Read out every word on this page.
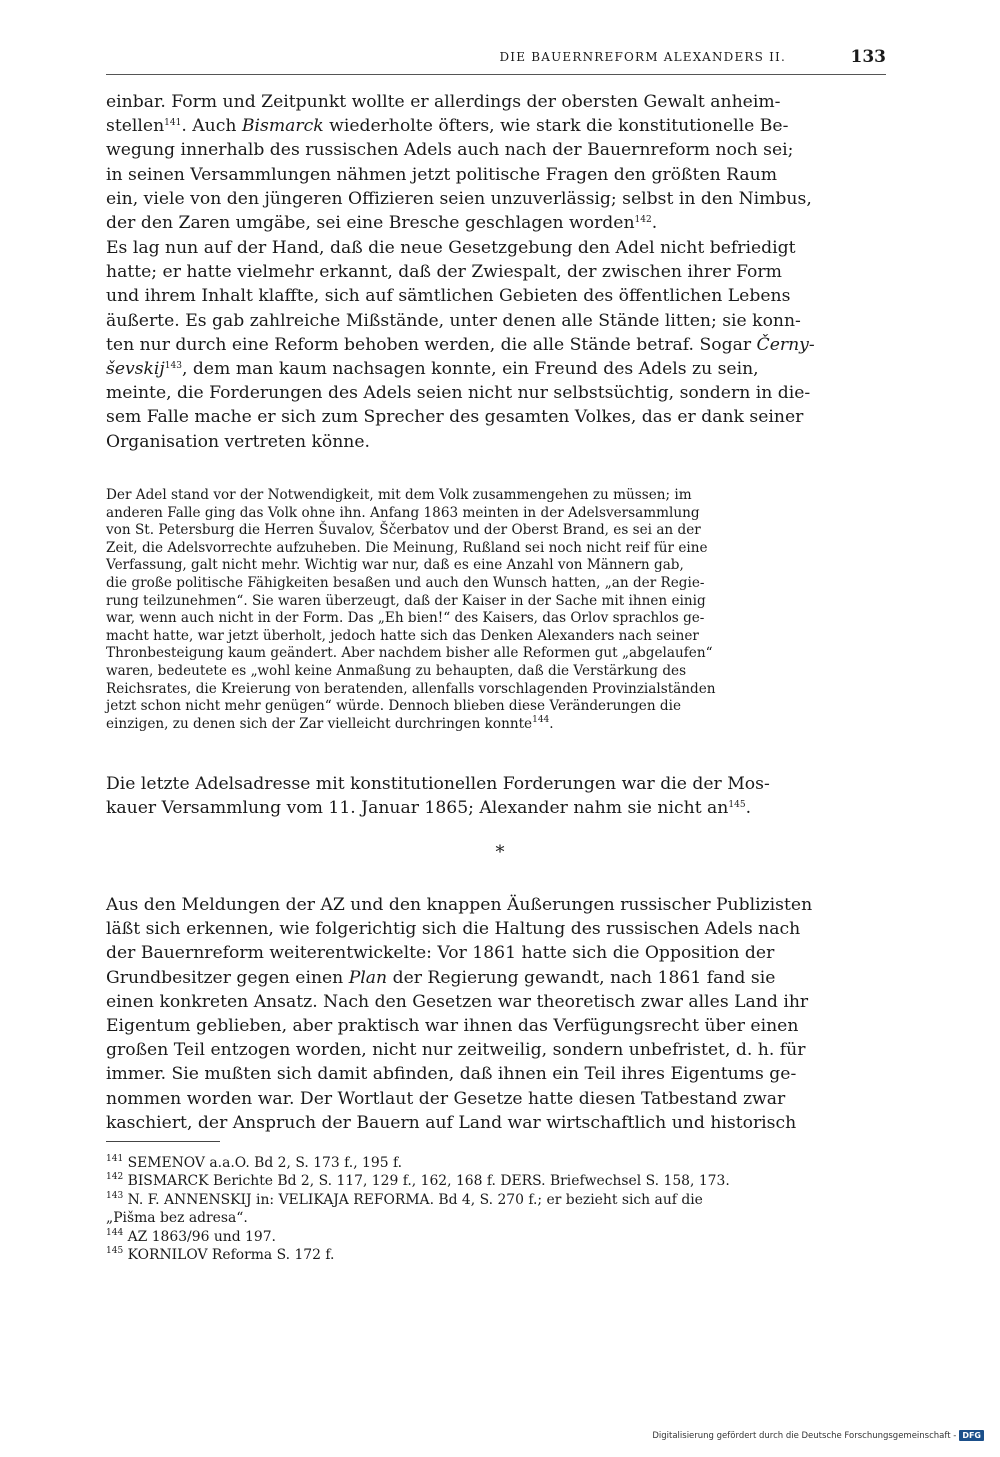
DIE BAUERNREFORM ALEXANDERS II.	133
einbar. Form und Zeitpunkt wollte er allerdings der obersten Gewalt anheim-
stellen$^{141}$. Auch Bismarck wiederholte öfters, wie stark die konstitutionelle Be-
wegung innerhalb des russischen Adels auch nach der Bauernreform noch sei;
in seinen Versammlungen nähmen jetzt politische Fragen den größten Raum
ein, viele von den jüngeren Offizieren seien unzuverlässig; selbst in den Nimbus,
der den Zaren umgäbe, sei eine Bresche geschlagen worden$^{142}$.
Es lag nun auf der Hand, daß die neue Gesetzgebung den Adel nicht befriedigt
hatte; er hatte vielmehr erkannt, daß der Zwiespalt, der zwischen ihrer Form
und ihrem Inhalt klaffte, sich auf sämtlichen Gebieten des öffentlichen Lebens
äußerte. Es gab zahlreiche Mißstände, unter denen alle Stände litten; sie konn-
ten nur durch eine Reform behoben werden, die alle Stände betraf. Sogar Černy-
ševskij$^{143}$, dem man kaum nachsagen konnte, ein Freund des Adels zu sein,
meinte, die Forderungen des Adels seien nicht nur selbstsüchtig, sondern in die-
sem Falle mache er sich zum Sprecher des gesamten Volkes, das er dank seiner
Organisation vertreten könne.
Der Adel stand vor der Notwendigkeit, mit dem Volk zusammengehen zu müssen; im
anderen Falle ging das Volk ohne ihn. Anfang 1863 meinten in der Adelsversammlung
von St. Petersburg die Herren Šuvalov, Ščerbatov und der Oberst Brand, es sei an der
Zeit, die Adelsvorrechte aufzuheben. Die Meinung, Rußland sei noch nicht reif für eine
Verfassung, galt nicht mehr. Wichtig war nur, daß es eine Anzahl von Männern gab,
die große politische Fähigkeiten besaßen und auch den Wunsch hatten, „an der Regie-
rung teilzunehmen“. Sie waren überzeugt, daß der Kaiser in der Sache mit ihnen einig
war, wenn auch nicht in der Form. Das „Eh bien!“ des Kaisers, das Orlov sprachlos ge-
macht hatte, war jetzt überholt, jedoch hatte sich das Denken Alexanders nach seiner
Thronbesteigung kaum geändert. Aber nachdem bisher alle Reformen gut „abgelaufen“
waren, bedeutete es „wohl keine Anmaßung zu behaupten, daß die Verstärkung des
Reichsrates, die Kreierung von beratenden, allenfalls vorschlagenden Provinzialständen
jetzt schon nicht mehr genügen“ würde. Dennoch blieben diese Veränderungen die
einzigen, zu denen sich der Zar vielleicht durchringen konnte$^{144}$.
Die letzte Adelsadresse mit konstitutionellen Forderungen war die der Mos-
kauer Versammlung vom 11. Januar 1865; Alexander nahm sie nicht $an^{145}$.
*
Aus den Meldungen der AZ und den knappen Äußerungen russischer Publizisten
läßt sich erkennen, wie folgerichtig sich die Haltung des russischen Adels nach
der Bauernreform weiterentwickelte: Vor 1861 hatte sich die Opposition der
Grundbesitzer gegen einen Plan der Regierung gewandt, nach 1861 fand sie
einen konkreten Ansatz. Nach den Gesetzen war theoretisch zwar alles Land ihr
Eigentum geblieben, aber praktisch war ihnen das Verfügungsrecht über einen
großen Teil entzogen worden, nicht nur zeitweilig, sondern unbefristet, d. h. für
immer. Sie mußten sich damit abfinden, daß ihnen ein Teil ihres Eigentums ge-
nommen worden war. Der Wortlaut der Gesetze hatte diesen Tatbestand zwar
kaschiert, der Anspruch der Bauern auf Land war wirtschaftlich und historisch
$^{141}$ SEMENOV a.a.O. Bd 2, S. 173 f., 195 f.
$^{142}$ BISMARCK Berichte Bd 2, S. 117, 129 f., 162, 168 f. DERS. Briefwechsel S. 158, 173.
$^{143}$ N. F. ANNENSKIJ in: VELIKAJA REFORMA. Bd 4, S. 270 f.; er bezieht sich auf die
„Pišma bez adresa“.
$^{144}$ AZ 1863/96 und 197.
$^{145}$ KORNILOV Reforma S. 172 f.
Digitalisierung gefördert durch die Deutsche Forschungsgemeinschaft - DFG
